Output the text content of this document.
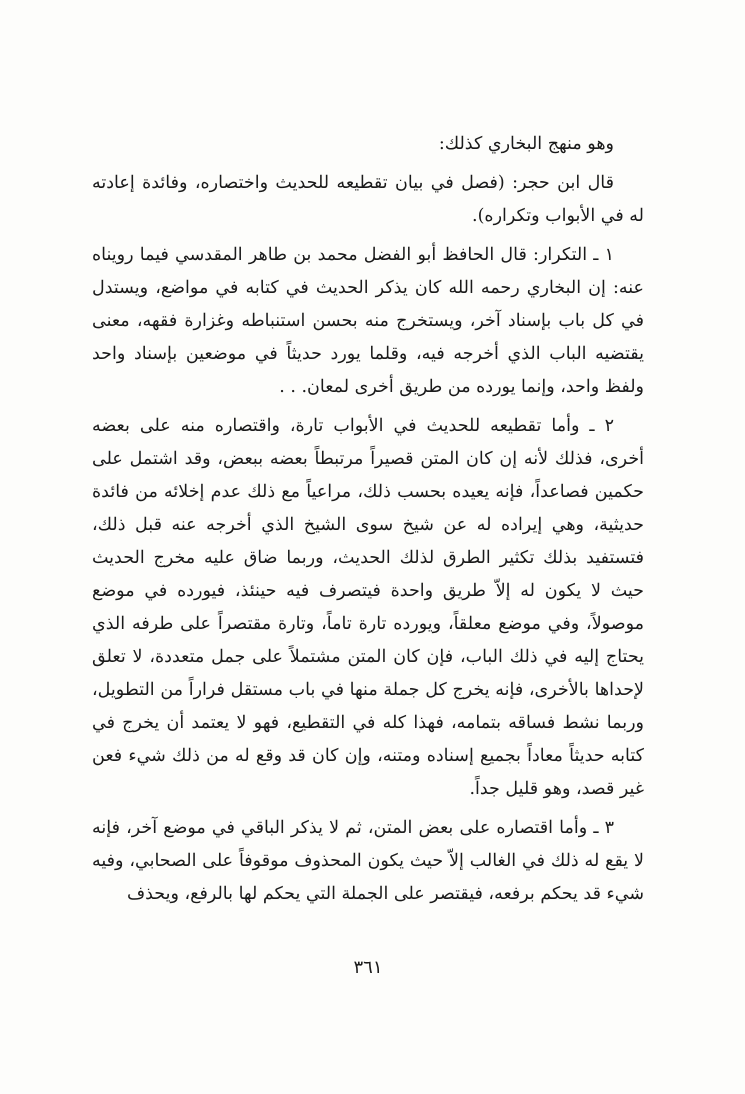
وهو منهج البخاري كذلك:

قال ابن حجر: (فصل في بيان تقطيعه للحديث واختصاره، وفائدة إعادته له في الأبواب وتكراره).

١ ـ التكرار: قال الحافظ أبو الفضل محمد بن طاهر المقدسي فيما رويناه عنه: إن البخاري رحمه الله كان يذكر الحديث في كتابه في مواضع، ويستدل في كل باب بإسناد آخر، ويستخرج منه بحسن استنباطه وغزارة فقهه، معنى يقتضيه الباب الذي أخرجه فيه، وقلما يورد حديثاً في موضعين بإسناد واحد ولفظ واحد، وإنما يورده من طريق أخرى لمعان. . .

٢ ـ وأما تقطيعه للحديث في الأبواب تارة، واقتصاره منه على بعضه أخرى، فذلك لأنه إن كان المتن قصيراً مرتبطاً بعضه ببعض، وقد اشتمل على حكمين فصاعداً، فإنه يعيده بحسب ذلك، مراعياً مع ذلك عدم إخلائه من فائدة حديثية، وهي إيراده له عن شيخ سوى الشيخ الذي أخرجه عنه قبل ذلك، فتستفيد بذلك تكثير الطرق لذلك الحديث، وربما ضاق عليه مخرج الحديث حيث لا يكون له إلاّ طريق واحدة فيتصرف فيه حينئذ، فيورده في موضع موصولاً، وفي موضع معلقاً، ويورده تارة تاماً، وتارة مقتصراً على طرفه الذي يحتاج إليه في ذلك الباب، فإن كان المتن مشتملاً على جمل متعددة، لا تعلق لإحداها بالأخرى، فإنه يخرج كل جملة منها في باب مستقل فراراً من التطويل، وربما نشط فساقه بتمامه، فهذا كله في التقطيع، فهو لا يعتمد أن يخرج في كتابه حديثاً معاداً بجميع إسناده ومتنه، وإن كان قد وقع له من ذلك شيء فعن غير قصد، وهو قليل جداً.

٣ ـ وأما اقتصاره على بعض المتن، ثم لا يذكر الباقي في موضع آخر، فإنه لا يقع له ذلك في الغالب إلاّ حيث يكون المحذوف موقوفاً على الصحابي، وفيه شيء قد يحكم برفعه، فيقتصر على الجملة التي يحكم لها بالرفع، ويحذف

٣٦١
